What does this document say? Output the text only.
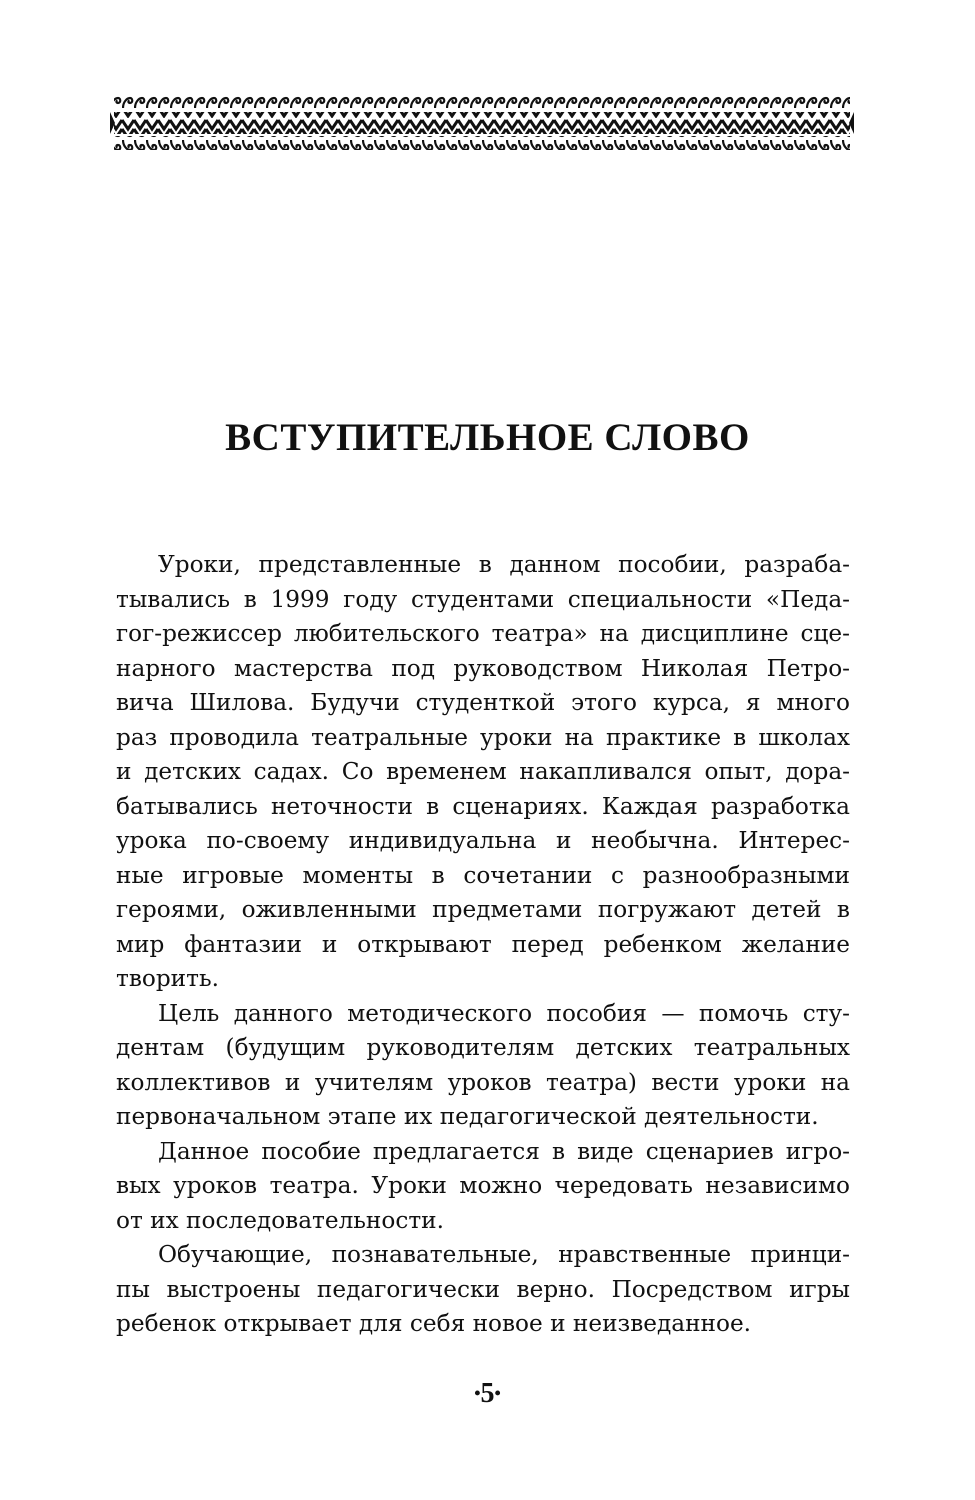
ВСТУПИТЕЛЬНОЕ СЛОВО

Уроки, представленные в данном пособии, разраба-
тывались в 1999 году студентами специальности «Педа-
гог-режиссер любительского театра» на дисциплине сце-
нарного мастерства под руководством Николая Петро-
вича Шилова. Будучи студенткой этого курса, я много
раз проводила театральные уроки на практике в школах
и детских садах. Со временем накапливался опыт, дора-
батывались неточности в сценариях. Каждая разработка
урока по-своему индивидуальна и необычна. Интерес-
ные игровые моменты в сочетании с разнообразными
героями, оживленными предметами погружают детей в
мир фантазии и открывают перед ребенком желание
творить.

Цель данного методического пособия — помочь сту-
дентам (будущим руководителям детских театральных
коллективов и учителям уроков театра) вести уроки на
первоначальном этапе их педагогической деятельности.

Данное пособие предлагается в виде сценариев игро-
вых уроков театра. Уроки можно чередовать независимо
от их последовательности.

Обучающие, познавательные, нравственные принци-
пы выстроены педагогически верно. Посредством игры
ребенок открывает для себя новое и неизведанное.

•5•
